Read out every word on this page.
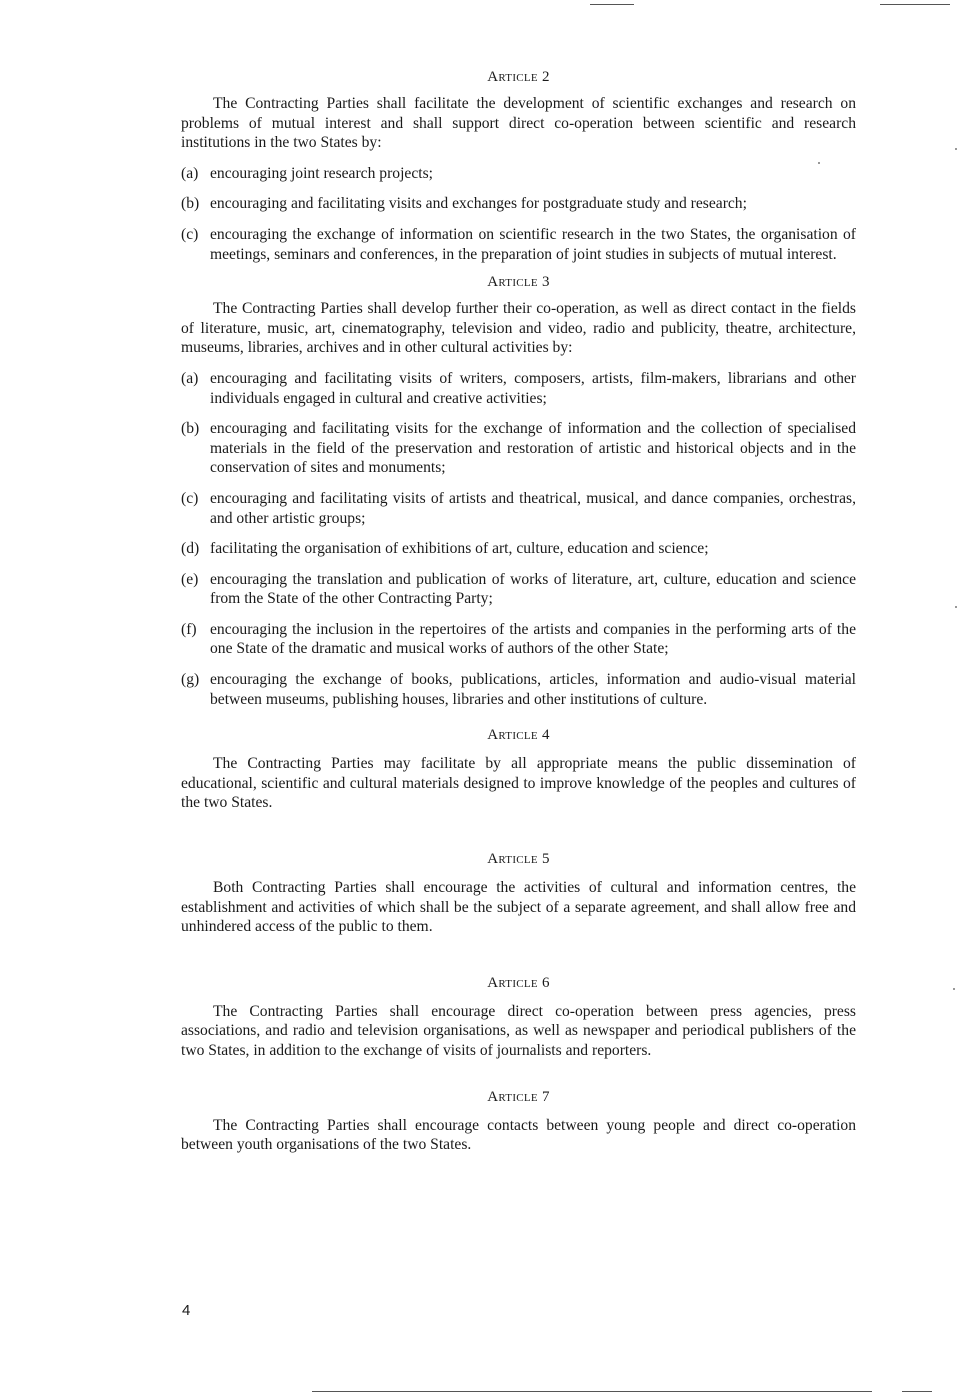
Article 2

The Contracting Parties shall facilitate the development of scientific exchanges and research on problems of mutual interest and shall support direct co-operation between scientific and research institutions in the two States by:

(a) encouraging joint research projects;
(b) encouraging and facilitating visits and exchanges for postgraduate study and research;
(c) encouraging the exchange of information on scientific research in the two States, the organisation of meetings, seminars and conferences, in the preparation of joint studies in subjects of mutual interest.

Article 3

The Contracting Parties shall develop further their co-operation, as well as direct contact in the fields of literature, music, art, cinematography, television and video, radio and publicity, theatre, architecture, museums, libraries, archives and in other cultural activities by:

(a) encouraging and facilitating visits of writers, composers, artists, film-makers, librarians and other individuals engaged in cultural and creative activities;
(b) encouraging and facilitating visits for the exchange of information and the collection of specialised materials in the field of the preservation and restoration of artistic and historical objects and in the conservation of sites and monuments;
(c) encouraging and facilitating visits of artists and theatrical, musical, and dance companies, orchestras, and other artistic groups;
(d) facilitating the organisation of exhibitions of art, culture, education and science;
(e) encouraging the translation and publication of works of literature, art, culture, education and science from the State of the other Contracting Party;
(f) encouraging the inclusion in the repertoires of the artists and companies in the performing arts of the one State of the dramatic and musical works of authors of the other State;
(g) encouraging the exchange of books, publications, articles, information and audio-visual material between museums, publishing houses, libraries and other institutions of culture.

Article 4

The Contracting Parties may facilitate by all appropriate means the public dissemination of educational, scientific and cultural materials designed to improve knowledge of the peoples and cultures of the two States.

Article 5

Both Contracting Parties shall encourage the activities of cultural and information centres, the establishment and activities of which shall be the subject of a separate agreement, and shall allow free and unhindered access of the public to them.

Article 6

The Contracting Parties shall encourage direct co-operation between press agencies, press associations, and radio and television organisations, as well as newspaper and periodical publishers of the two States, in addition to the exchange of visits of journalists and reporters.

Article 7

The Contracting Parties shall encourage contacts between young people and direct co-operation between youth organisations of the two States.

4
